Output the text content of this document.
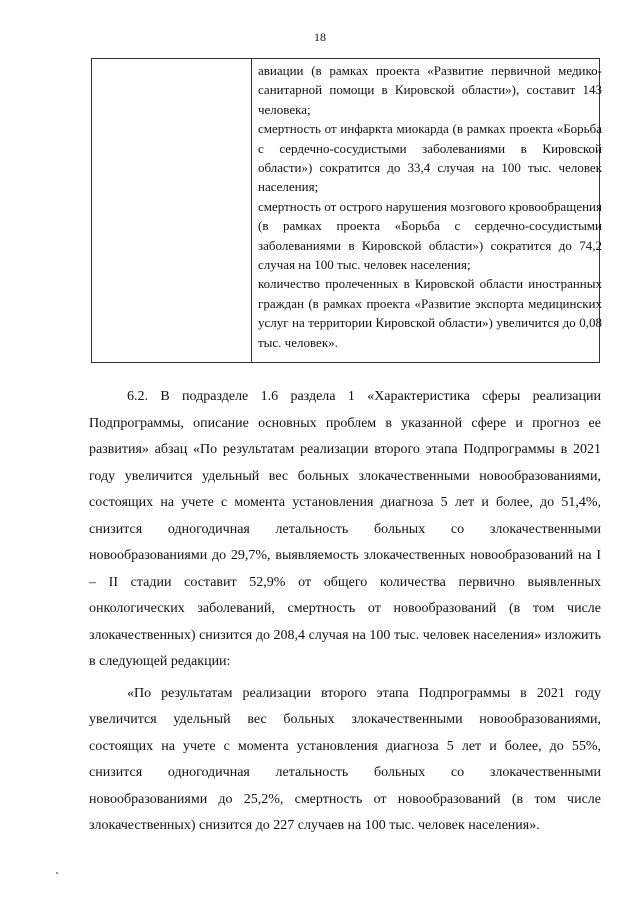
18

авиации (в рамках проекта «Развитие первичной медико-санитарной помощи в Кировской области»), составит 143 человека;

смертность от инфаркта миокарда (в рамках проекта «Борьба с сердечно-сосудистыми заболеваниями в Кировской области») сократится до 33,4 случая на 100 тыс. человек населения;

смертность от острого нарушения мозгового кровообращения (в рамках проекта «Борьба с сердечно-сосудистыми заболеваниями в Кировской области») сократится до 74,2 случая на 100 тыс. человек населения;

количество пролеченных в Кировской области иностранных граждан (в рамках проекта «Развитие экспорта медицинских услуг на территории Кировской области») увеличится до 0,08 тыс. человек».

6.2. В подразделе 1.6 раздела 1 «Характеристика сферы реализации Подпрограммы, описание основных проблем в указанной сфере и прогноз ее развития» абзац «По результатам реализации второго этапа Подпрограммы в 2021 году увеличится удельный вес больных злокачественными новообразованиями, состоящих на учете с момента установления диагноза 5 лет и более, до 51,4%, снизится одногодичная летальность больных со злокачественными новообразованиями до 29,7%, выявляемость злокачественных новообразований на I – II стадии составит 52,9% от общего количества первично выявленных онкологических заболеваний, смертность от новообразований (в том числе злокачественных) снизится до 208,4 случая на 100 тыс. человек населения» изложить в следующей редакции:

«По результатам реализации второго этапа Подпрограммы в 2021 году увеличится удельный вес больных злокачественными новообразованиями, состоящих на учете с момента установления диагноза 5 лет и более, до 55%, снизится одногодичная летальность больных со злокачественными новообразованиями до 25,2%, смертность от новообразований (в том числе злокачественных) снизится до 227 случаев на 100 тыс. человек населения».
